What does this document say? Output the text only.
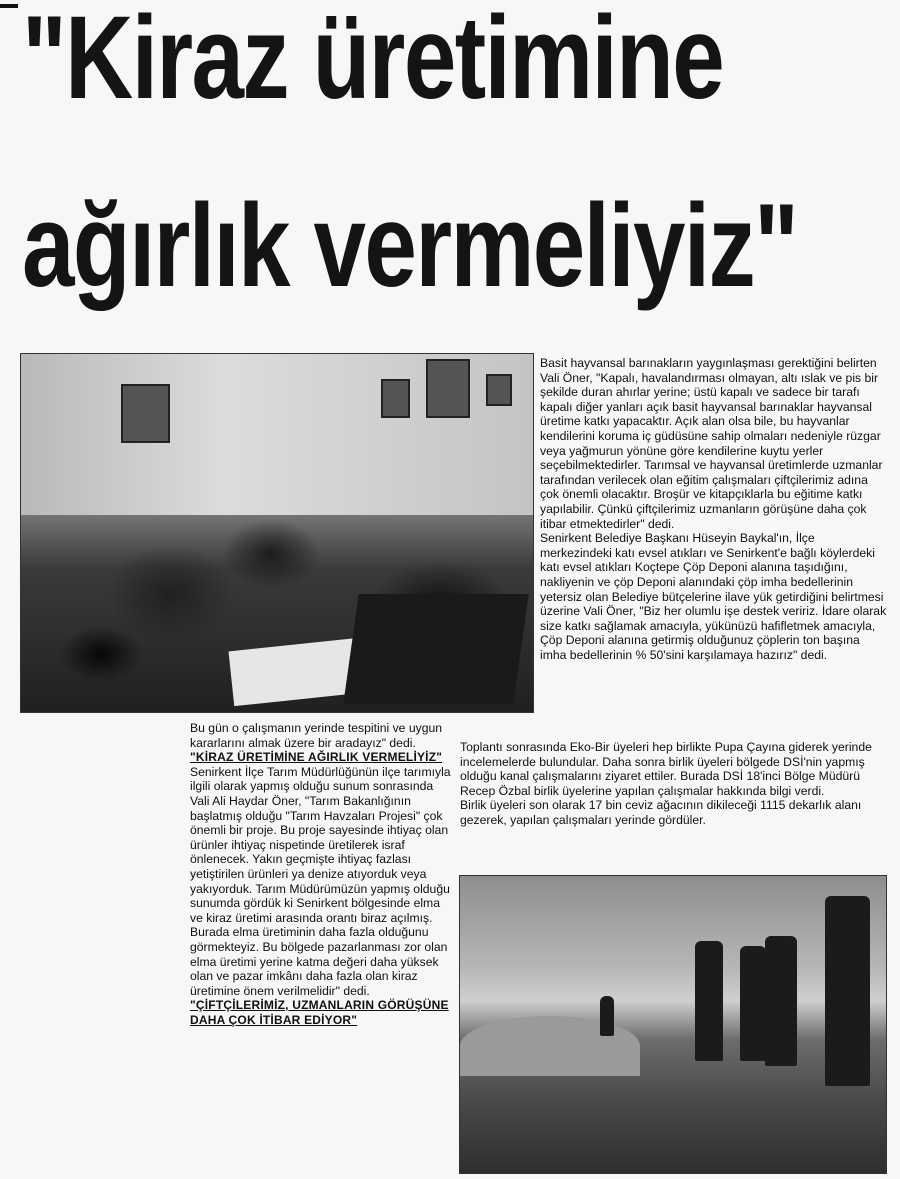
"Kiraz üretimine
ağırlık vermeliyiz"

Basit hayvansal barınakların yaygınlaşması gerektiğini belirten Vali Öner, "Kapalı, havalandırması olmayan, altı ıslak ve pis bir şekilde duran ahırlar yerine; üstü kapalı ve sadece bir tarafı kapalı diğer yanları açık basit hayvansal barınaklar hayvansal üretime katkı yapacaktır. Açık alan olsa bile, bu hayvanlar kendilerini koruma iç güdüsüne sahip olmaları nedeniyle rüzgar veya yağmurun yönüne göre kendilerine kuytu yerler seçebilmektedirler. Tarımsal ve hayvansal üretimlerde uzmanlar tarafından verilecek olan eğitim çalışmaları çiftçilerimiz adına çok önemli olacaktır. Broşür ve kitapçıklarla bu eğitime katkı yapılabilir. Çünkü çiftçilerimiz uzmanların görüşüne daha çok itibar etmektedirler" dedi.

Senirkent Belediye Başkanı Hüseyin Baykal'ın, İlçe merkezindeki katı evsel atıkları ve Senirkent'e bağlı köylerdeki katı evsel atıkları Koçtepe Çöp Deponi alanına taşıdığını, nakliyenin ve çöp Deponi alanındaki çöp imha bedellerinin yetersiz olan Belediye bütçelerine ilave yük getirdiğini belirtmesi üzerine Vali Öner, "Biz her olumlu işe destek veririz. İdare olarak size katkı sağlamak amacıyla, yükünüzü hafifletmek amacıyla, Çöp Deponi alanına getirmiş olduğunuz çöplerin ton başına imha bedellerinin % 50'sini karşılamaya hazırız" dedi.

Bu gün o çalışmanın yerinde tespitini ve uygun kararlarını almak üzere bir aradayız" dedi.

"KİRAZ ÜRETİMİNE AĞIRLIK VERMELİYİZ"

Senirkent İlçe Tarım Müdürlüğünün ilçe tarımıyla ilgili olarak yapmış olduğu sunum sonrasında Vali Ali Haydar Öner, "Tarım Bakanlığının başlatmış olduğu "Tarım Havzaları Projesi" çok önemli bir proje. Bu proje sayesinde ihtiyaç olan ürünler ihtiyaç nispetinde üretilerek israf önlenecek. Yakın geçmişte ihtiyaç fazlası yetiştirilen ürünleri ya denize atıyorduk veya yakıyorduk. Tarım Müdürümüzün yapmış olduğu sunumda gördük ki Senirkent bölgesinde elma ve kiraz üretimi arasında orantı biraz açılmış. Burada elma üretiminin daha fazla olduğunu görmekteyiz. Bu bölgede pazarlanması zor olan elma üretimi yerine katma değeri daha yüksek olan ve pazar imkânı daha fazla olan kiraz üretimine önem verilmelidir" dedi.

"ÇİFTÇİLERİMİZ, UZMANLARIN GÖRÜŞÜNE DAHA ÇOK İTİBAR EDİYOR"

Toplantı sonrasında Eko-Bir üyeleri hep birlikte Pupa Çayına giderek yerinde incelemelerde bulundular. Daha sonra birlik üyeleri bölgede DSİ'nin yapmış olduğu kanal çalışmalarını ziyaret ettiler. Burada DSİ 18'inci Bölge Müdürü Recep Özbal birlik üyelerine yapılan çalışmalar hakkında bilgi verdi.

Birlik üyeleri son olarak 17 bin ceviz ağacının dikileceği 1115 dekarlık alanı gezerek, yapılan çalışmaları yerinde gördüler.
